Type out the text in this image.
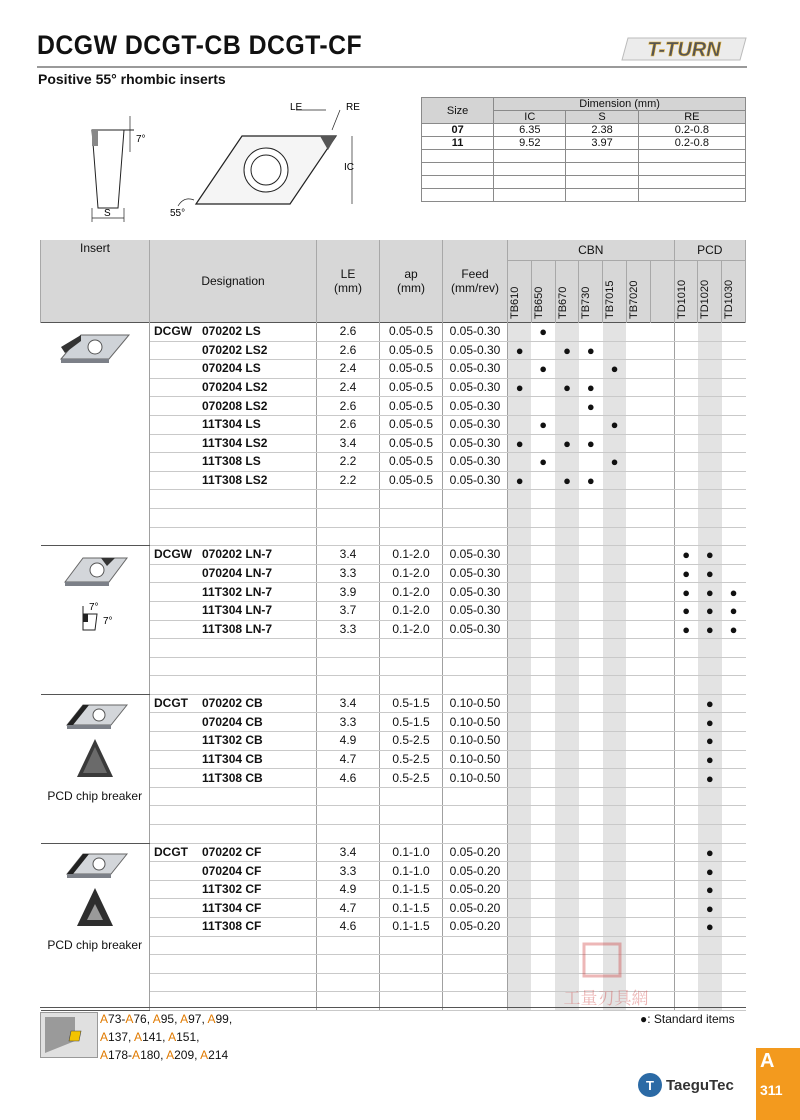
DCGW DCGT-CB DCGT-CF
Positive 55° rhombic inserts
T-TURN
7°
S
LE	RE
IC
55°
Size	Dimension (mm)		
	IC	S	RE
07	6.35	2.38	0.2-0.8
11	9.52	3.97	0.2-0.8

Insert	Designation	LE
(mm)	ap
(mm)	Feed
(mm/rev)	CBN							PCD		

					TB610	TB650	TB670	TB730	TB7015	TB7020		TD1010	TD1020	TD1030

	DCGW 070202 LS	2.6	0.05-0.5	0.05-0.30		●								
	070202 LS2	2.6	0.05-0.5	0.05-0.30	●		●	●						
	070204 LS	2.4	0.05-0.5	0.05-0.30		●			●					
	070204 LS2	2.4	0.05-0.5	0.05-0.30	●		●	●						
	070208 LS2	2.6	0.05-0.5	0.05-0.30				●						
	11T304 LS	2.6	0.05-0.5	0.05-0.30		●			●					
	11T304 LS2	3.4	0.05-0.5	0.05-0.30	●		●	●						
	11T308 LS	2.2	0.05-0.5	0.05-0.30		●			●					
	11T308 LS2	2.2	0.05-0.5	0.05-0.30	●		●	●						

7°
7°	DCGW 070202 LN-7	3.4	0.1-2.0	0.05-0.30								●	●	
	070204 LN-7	3.3	0.1-2.0	0.05-0.30								●	●	
	11T302 LN-7	3.9	0.1-2.0	0.05-0.30								●	●	●
	11T304 LN-7	3.7	0.1-2.0	0.05-0.30								●	●	●
	11T308 LN-7	3.3	0.1-2.0	0.05-0.30								●	●	●

PCD chip breaker	DCGT 070202 CB	3.4	0.5-1.5	0.10-0.50									●	
	070204 CB	3.3	0.5-1.5	0.10-0.50									●	
	11T302 CB	4.9	0.5-2.5	0.10-0.50									●	
	11T304 CB	4.7	0.5-2.5	0.10-0.50									●	
	11T308 CB	4.6	0.5-2.5	0.10-0.50									●	

PCD chip breaker	DCGT 070202 CF	3.4	0.1-1.0	0.05-0.20									●	
	070204 CF	3.3	0.1-1.0	0.05-0.20									●	
	11T302 CF	4.9	0.1-1.5	0.05-0.20									●	
	11T304 CF	4.7	0.1-1.5	0.05-0.20									●	
	11T308 CF	4.6	0.1-1.5	0.05-0.20									●	

工量刃具網
A73-A76, A95, A97, A99,
A137, A141, A151,
A178-A180, A209, A214
●: Standard items
T TaeguTec
A
311
